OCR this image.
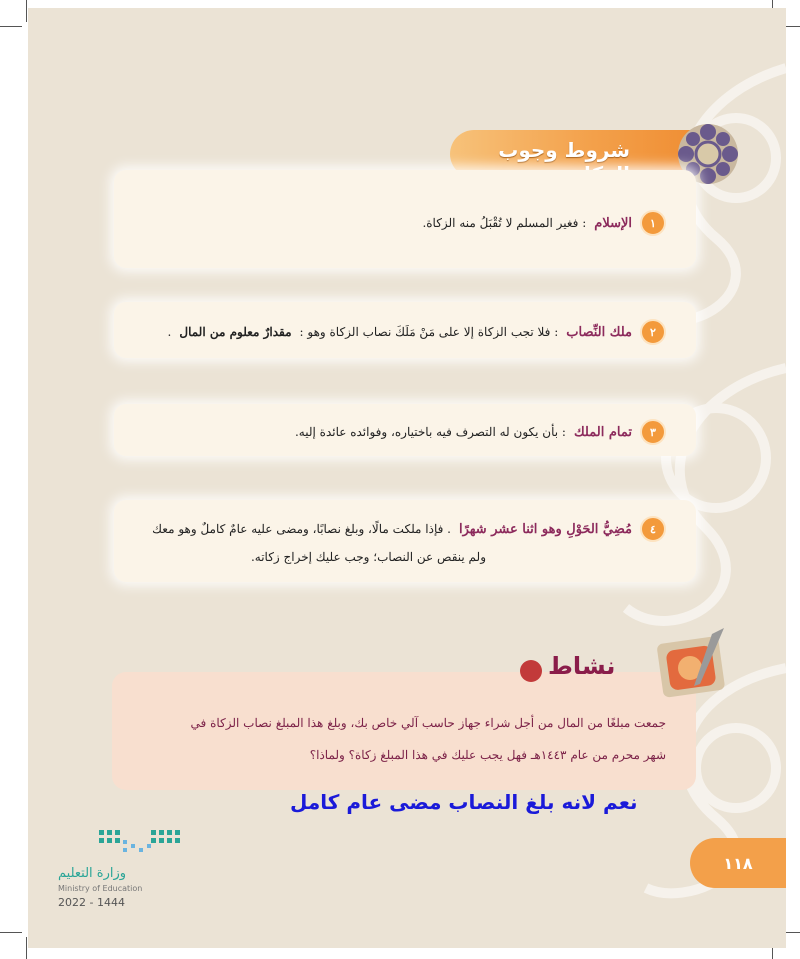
شروط وجوب
١
الإسلام
: فغير المسلم لا تُقْبَلُ منه الزكاة.
٢
ملك النِّصاب
: فلا تجب الزكاة إلا على مَنْ مَلَكَ نصاب الزكاة وهو :
مقدارٌ معلوم من المال
.
٣
تمام الملك
: بأن يكون له التصرف فيه باختياره، وفوائده عائدة إليه.
٤
مُضِيُّ الحَوْلِ وهو اثنا عشر شهرًا
. فإذا ملكت مالًا، وبلغ نصابًا، ومضى عليه عامٌ كاملٌ وهو معك
ولم ينقص عن النصاب؛ وجب عليك إخراج زكاته.
جمعت مبلغًا من المال من أجل شراء جهاز حاسب آلي خاص بك، وبلغ هذا المبلغ نصاب الزكاة في
شهر محرم من عام ١٤٤٣هـ فهل يجب عليك في هذا المبلغ زكاة؟ ولماذا؟
نشاط
نعم لانه بلغ النصاب مضى عام كامل
١١٨
وزارة التعليم
Ministry of Education
2022 - 1444
